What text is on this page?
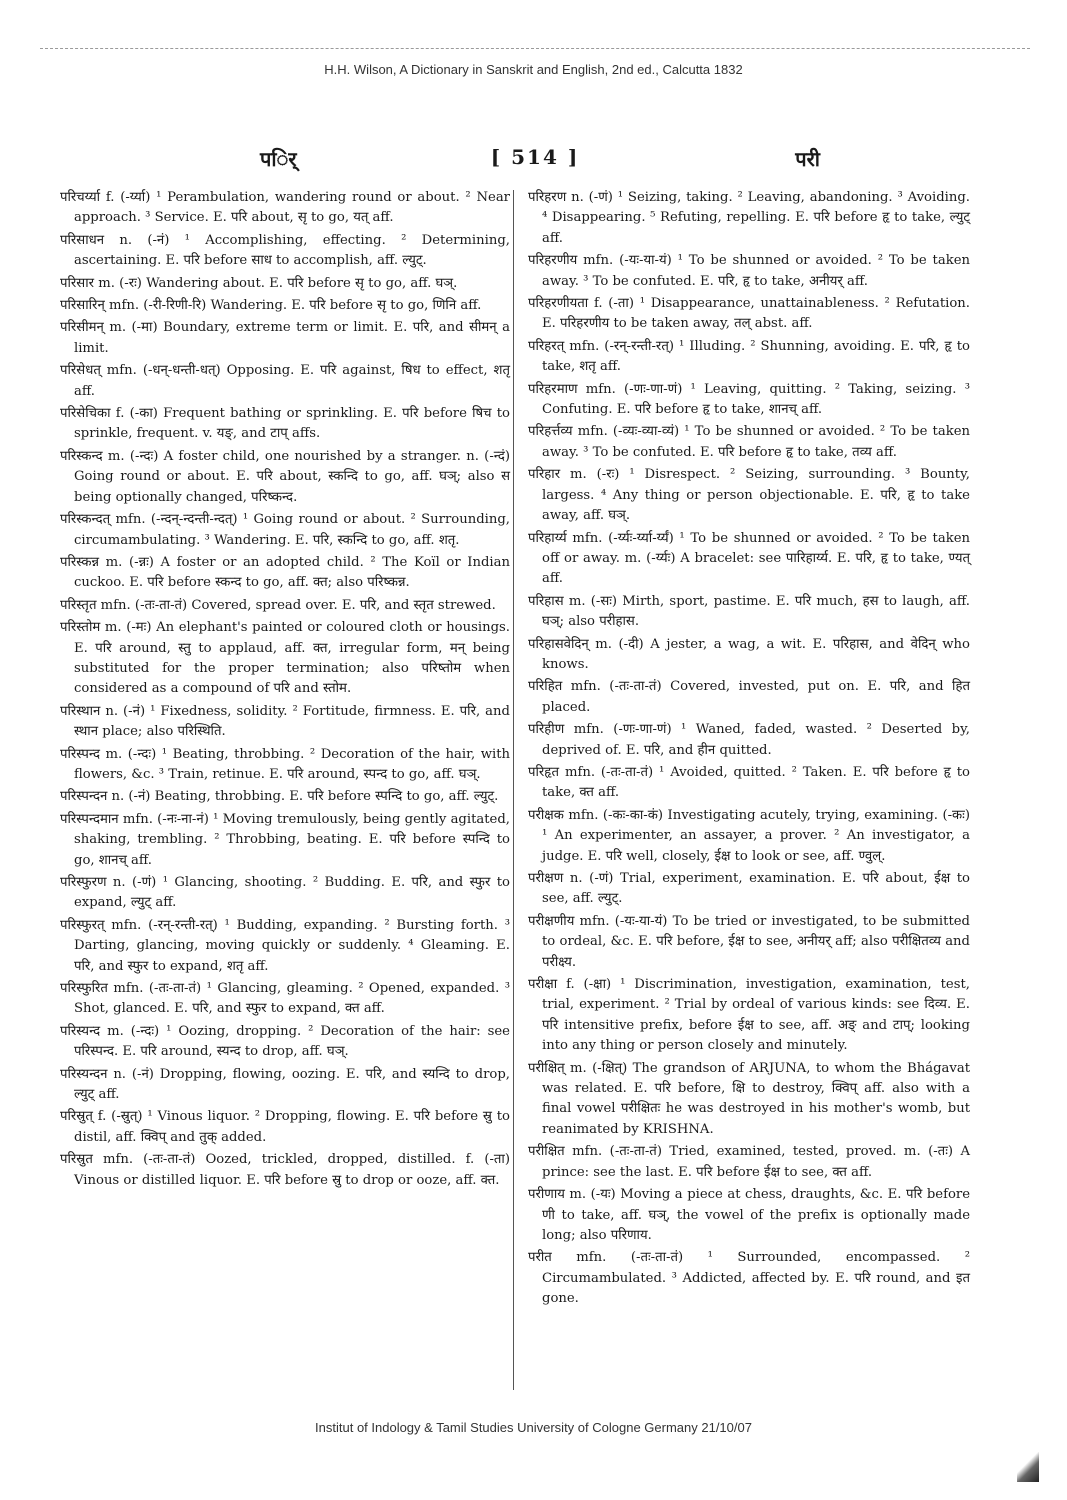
H.H. Wilson, A Dictionary in Sanskrit and English, 2nd ed., Calcutta 1832
पर्ि	[ 514 ]	परी

परिचर्य्या f. (-र्य्या) ¹ Perambulation, wandering round or about. ² Near approach. ³ Service. E. परि about, सृ to go, यत् aff.

परिसाधन n. (-नं) ¹ Accomplishing, effecting. ² Determining, ascertaining. E. परि before साध to accomplish, aff. ल्युट्.

परिसार m. (-रः) Wandering about. E. परि before सृ to go, aff. घञ्.

परिसारिन् mfn. (-री-रिणी-रि) Wandering. E. परि before सृ to go, णिनि aff.

परिसीमन् m. (-मा) Boundary, extreme term or limit. E. परि, and सीमन् a limit.

परिसेधत् mfn. (-धन्-धन्ती-धत्) Opposing. E. परि against, षिध to effect, शतृ aff.

परिसेचिका f. (-का) Frequent bathing or sprinkling. E. परि before षिच to sprinkle, frequent. v. यङ्, and टाप् affs.

परिस्कन्द m. (-न्दः) A foster child, one nourished by a stranger. n. (-न्दं) Going round or about. E. परि about, स्कन्दि to go, aff. घञ्; also स being optionally changed, परिष्कन्द.

परिस्कन्दत् mfn. (-न्दन्-न्दन्ती-न्दत्) ¹ Going round or about. ² Surrounding, circumambulating. ³ Wandering. E. परि, स्कन्दि to go, aff. शतृ.

परिस्कन्न m. (-न्नः) A foster or an adopted child. ² The Koïl or Indian cuckoo. E. परि before स्कन्द to go, aff. क्त; also परिष्कन्न.

परिस्तृत mfn. (-तः-ता-तं) Covered, spread over. E. परि, and स्तृत strewed.

परिस्तोम m. (-मः) An elephant's painted or coloured cloth or housings. E. परि around, स्तु to applaud, aff. क्त, irregular form, मन् being substituted for the proper termination; also परिष्तोम when considered as a compound of परि and स्तोम.

परिस्थान n. (-नं) ¹ Fixedness, solidity. ² Fortitude, firmness. E. परि, and स्थान place; also परिस्थिति.

परिस्पन्द m. (-न्दः) ¹ Beating, throbbing. ² Decoration of the hair, with flowers, &c. ³ Train, retinue. E. परि around, स्पन्द to go, aff. घञ्.

परिस्पन्दन n. (-नं) Beating, throbbing. E. परि before स्पन्दि to go, aff. ल्युट्.

परिस्पन्दमान mfn. (-नः-ना-नं) ¹ Moving tremulously, being gently agitated, shaking, trembling. ² Throbbing, beating. E. परि before स्पन्दि to go, शानच् aff.

परिस्फुरण n. (-णं) ¹ Glancing, shooting. ² Budding. E. परि, and स्फुर to expand, ल्युट् aff.

परिस्फुरत् mfn. (-रन्-रन्ती-रत्) ¹ Budding, expanding. ² Bursting forth. ³ Darting, glancing, moving quickly or suddenly. ⁴ Gleaming. E. परि, and स्फुर to expand, शतृ aff.

परिस्फुरित mfn. (-तः-ता-तं) ¹ Glancing, gleaming. ² Opened, expanded. ³ Shot, glanced. E. परि, and स्फुर to expand, क्त aff.

परिस्यन्द m. (-न्दः) ¹ Oozing, dropping. ² Decoration of the hair: see परिस्पन्द. E. परि around, स्यन्द to drop, aff. घञ्.

परिस्यन्दन n. (-नं) Dropping, flowing, oozing. E. परि, and स्यन्दि to drop, ल्युट् aff.

परिस्रुत् f. (-स्रुत्) ¹ Vinous liquor. ² Dropping, flowing. E. परि before स्रु to distil, aff. क्विप् and तुक् added.

परिस्रुत mfn. (-तः-ता-तं) Oozed, trickled, dropped, distilled. f. (-ता) Vinous or distilled liquor. E. परि before स्रु to drop or ooze, aff. क्त.

परिहरण n. (-णं) ¹ Seizing, taking. ² Leaving, abandoning. ³ Avoiding. ⁴ Disappearing. ⁵ Refuting, repelling. E. परि before हृ to take, ल्युट् aff.

परिहरणीय mfn. (-यः-या-यं) ¹ To be shunned or avoided. ² To be taken away. ³ To be confuted. E. परि, हृ to take, अनीयर् aff.

परिहरणीयता f. (-ता) ¹ Disappearance, unattainableness. ² Refutation. E. परिहरणीय to be taken away, तल् abst. aff.

परिहरत् mfn. (-रन्-रन्ती-रत्) ¹ Illuding. ² Shunning, avoiding. E. परि, हृ to take, शतृ aff.

परिहरमाण mfn. (-णः-णा-णं) ¹ Leaving, quitting. ² Taking, seizing. ³ Confuting. E. परि before हृ to take, शानच् aff.

परिहर्त्तव्य mfn. (-व्यः-व्या-व्यं) ¹ To be shunned or avoided. ² To be taken away. ³ To be confuted. E. परि before हृ to take, तव्य aff.

परिहार m. (-रः) ¹ Disrespect. ² Seizing, surrounding. ³ Bounty, largess. ⁴ Any thing or person objectionable. E. परि, हृ to take away, aff. घञ्.

परिहार्य्य mfn. (-र्य्यः-र्य्या-र्य्यं) ¹ To be shunned or avoided. ² To be taken off or away. m. (-र्य्यः) A bracelet: see पारिहार्य्य. E. परि, हृ to take, ण्यत् aff.

परिहास m. (-सः) Mirth, sport, pastime. E. परि much, हस to laugh, aff. घञ्; also परीहास.

परिहासवेदिन् m. (-दी) A jester, a wag, a wit. E. परिहास, and वेदिन् who knows.

परिहित mfn. (-तः-ता-तं) Covered, invested, put on. E. परि, and हित placed.

परिहीण mfn. (-णः-णा-णं) ¹ Waned, faded, wasted. ² Deserted by, deprived of. E. परि, and हीन quitted.

परिहृत mfn. (-तः-ता-तं) ¹ Avoided, quitted. ² Taken. E. परि before हृ to take, क्त aff.

परीक्षक mfn. (-कः-का-कं) Investigating acutely, trying, examining. (-कः) ¹ An experimenter, an assayer, a prover. ² An investigator, a judge. E. परि well, closely, ईक्ष to look or see, aff. ण्वुल्.

परीक्षण n. (-णं) Trial, experiment, examination. E. परि about, ईक्ष to see, aff. ल्युट्.

परीक्षणीय mfn. (-यः-या-यं) To be tried or investigated, to be submitted to ordeal, &c. E. परि before, ईक्ष to see, अनीयर् aff; also परीक्षितव्य and परीक्ष्य.

परीक्षा f. (-क्षा) ¹ Discrimination, investigation, examination, test, trial, experiment. ² Trial by ordeal of various kinds: see दिव्य. E. परि intensitive prefix, before ईक्ष to see, aff. अङ् and टाप्; looking into any thing or person closely and minutely.

परीक्षित् m. (-क्षित्) The grandson of ARJUNA, to whom the Bhágavat was related. E. परि before, क्षि to destroy, क्विप् aff. also with a final vowel परीक्षितः he was destroyed in his mother's womb, but reanimated by KRISHNA.

परीक्षित mfn. (-तः-ता-तं) Tried, examined, tested, proved. m. (-तः) A prince: see the last. E. परि before ईक्ष to see, क्त aff.

परीणाय m. (-यः) Moving a piece at chess, draughts, &c. E. परि before णी to take, aff. घञ्, the vowel of the prefix is optionally made long; also परिणाय.

परीत mfn. (-तः-ता-तं) ¹ Surrounded, encompassed. ² Circumambulated. ³ Addicted, affected by. E. परि round, and इत gone.

Institut of Indology & Tamil Studies University of Cologne Germany 21/10/07
